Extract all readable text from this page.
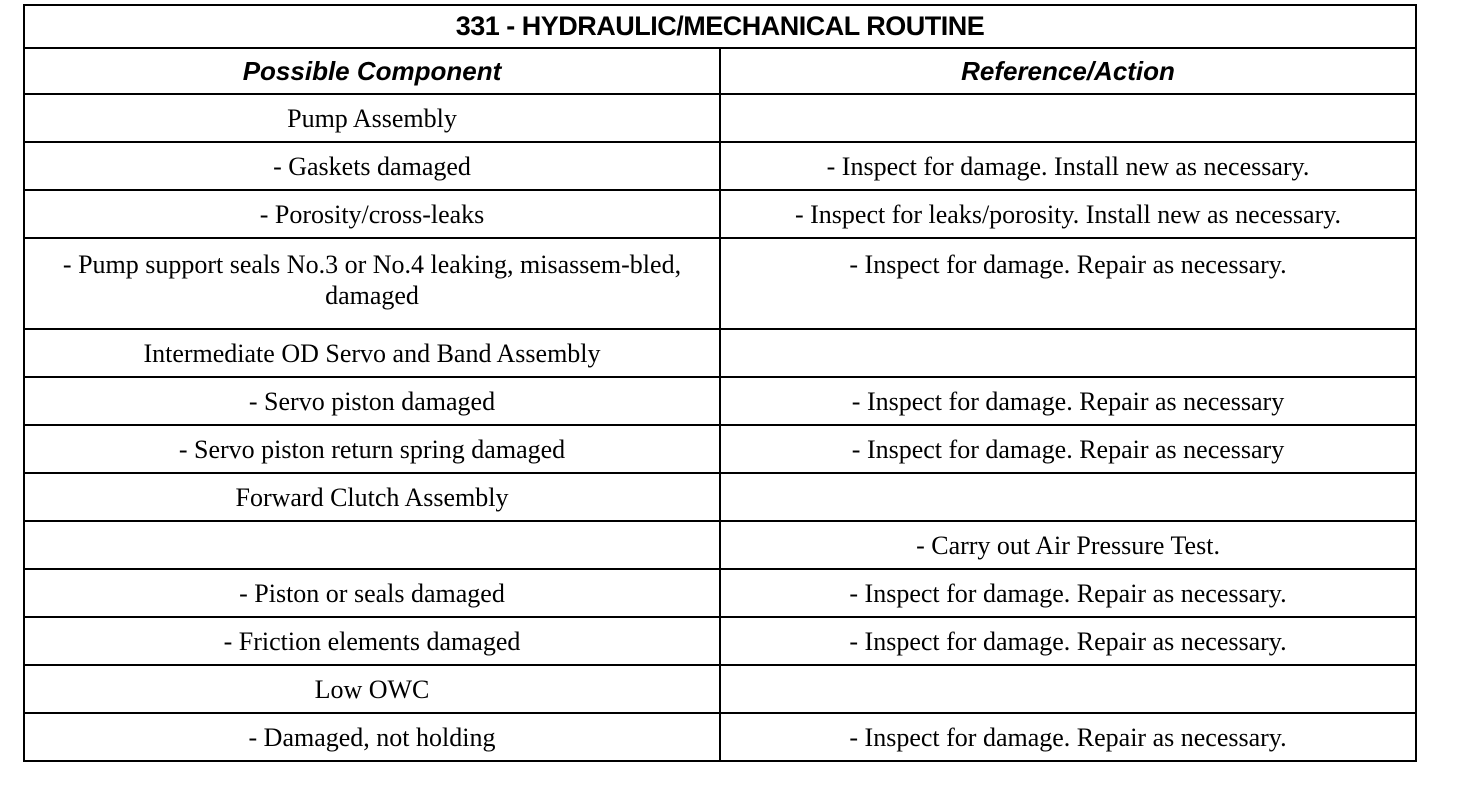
331 - HYDRAULIC/MECHANICAL ROUTINE	
Possible Component	Reference/Action
Pump Assembly	
- Gaskets damaged	- Inspect for damage. Install new as necessary.
- Porosity/cross-leaks	- Inspect for leaks/porosity. Install new as necessary.
- Pump support seals No.3 or No.4 leaking, misassem-bled, damaged	- Inspect for damage. Repair as necessary.
Intermediate OD Servo and Band Assembly	
- Servo piston damaged	- Inspect for damage. Repair as necessary
- Servo piston return spring damaged	- Inspect for damage. Repair as necessary
Forward Clutch Assembly	
	- Carry out Air Pressure Test.
- Piston or seals damaged	- Inspect for damage. Repair as necessary.
- Friction elements damaged	- Inspect for damage. Repair as necessary.
Low OWC	
- Damaged, not holding	- Inspect for damage. Repair as necessary.
